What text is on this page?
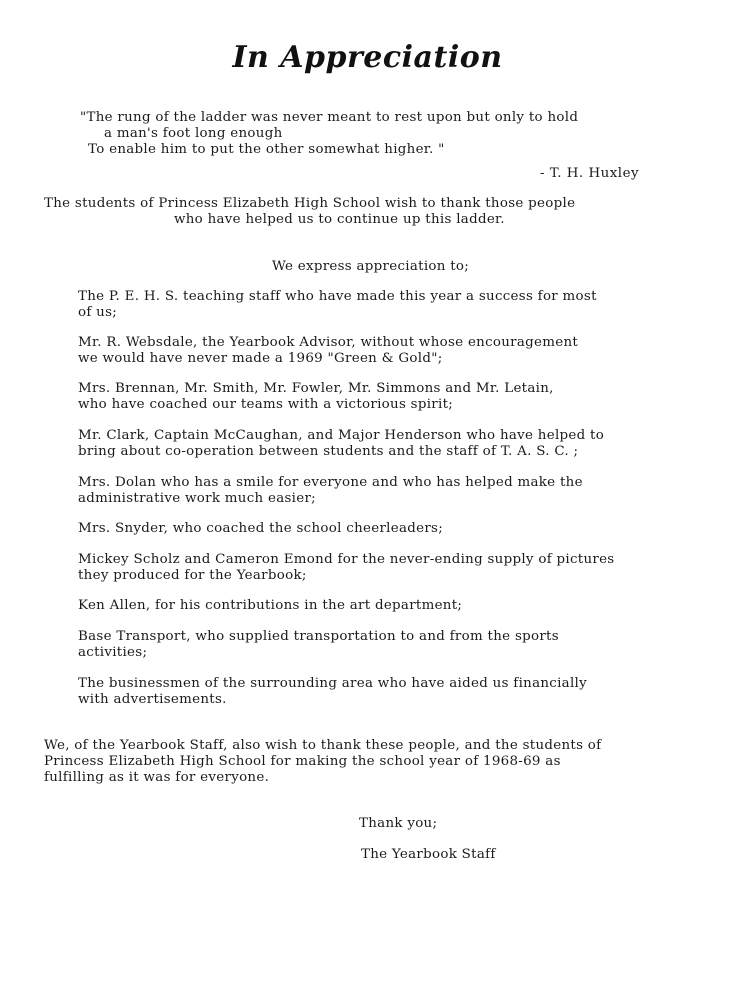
In Appreciation
"The rung of the ladder was never meant to rest upon but only to hold
a man's foot long enough
To enable him to put the other somewhat higher. "
- T. H. Huxley
The students of Princess Elizabeth High School wish to thank those people
who have helped us to continue up this ladder.
We express appreciation to;
The P. E. H. S. teaching staff who have made this year a success for most
of us;
Mr. R. Websdale, the Yearbook Advisor, without whose encouragement
we would have never made a 1969 "Green & Gold";
Mrs. Brennan, Mr. Smith, Mr. Fowler, Mr. Simmons and Mr. Letain,
who have coached our teams with a victorious spirit;
Mr. Clark, Captain McCaughan, and Major Henderson who have helped to
bring about co-operation between students and the staff of T. A. S. C. ;
Mrs. Dolan who has a smile for everyone and who has helped make the
administrative work much easier;
Mrs. Snyder, who coached the school cheerleaders;
Mickey Scholz and Cameron Emond for the never-ending supply of pictures
they produced for the Yearbook;
Ken Allen, for his contributions in the art department;
Base Transport, who supplied transportation to and from the sports
activities;
The businessmen of the surrounding area who have aided us financially
with advertisements.
We, of the Yearbook Staff, also wish to thank these people, and the students of
Princess Elizabeth High School for making the school year of 1968-69 as
fulfilling as it was for everyone.
Thank you;
The Yearbook Staff
